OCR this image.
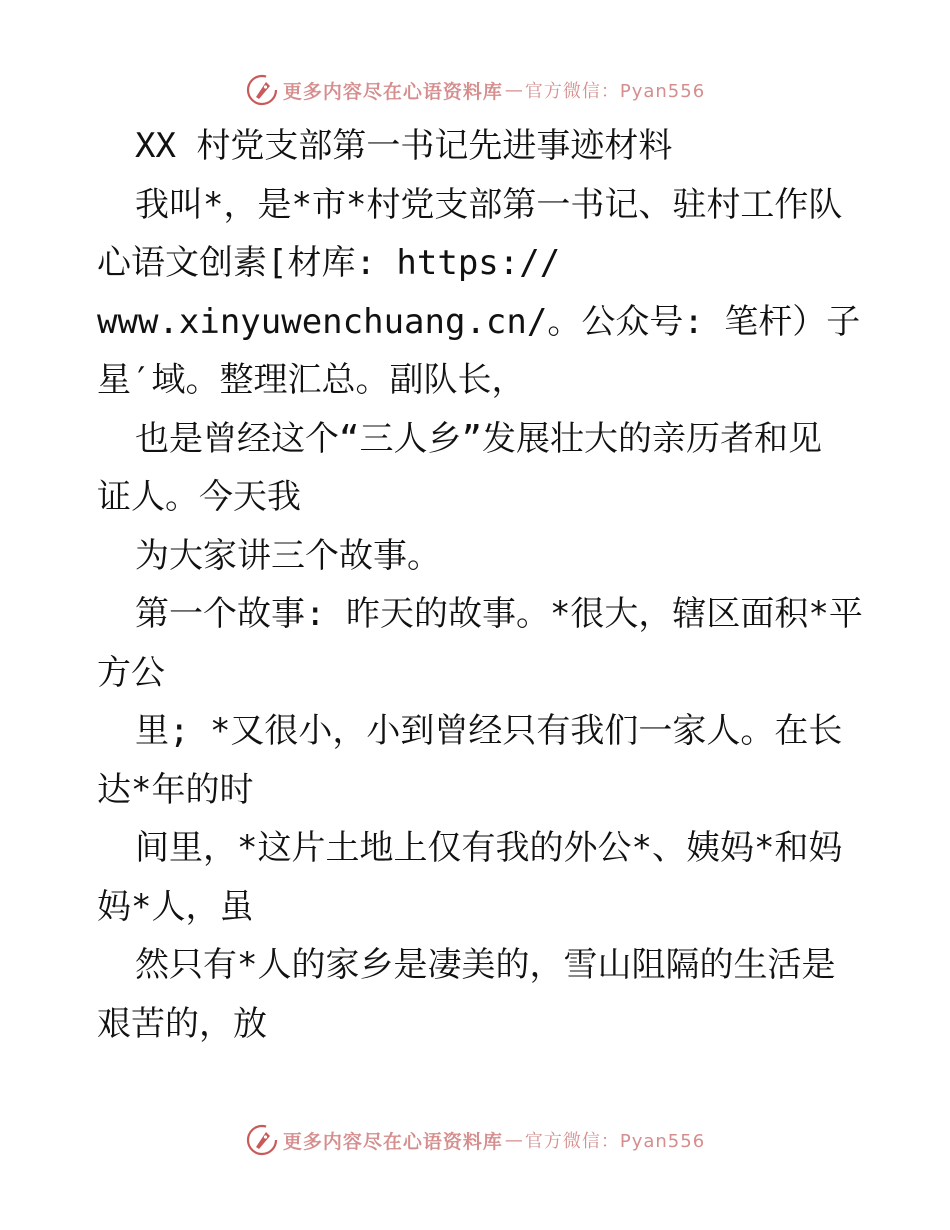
更多内容尽在心语资料库 — 官方微信：Pyan556
XX 村党支部第一书记先进事迹材料
我叫*，是*市*村党支部第一书记、驻村工作队
心语文创素[材库: https://
www.xinyuwenchuang.cn/。公众号: 笔杆）子
星′域。整理汇总。副队长，
也是曾经这个“三人乡”发展壮大的亲历者和见
证人。今天我
为大家讲三个故事。
第一个故事: 昨天的故事。*很大，辖区面积*平
方公
里; *又很小，小到曾经只有我们一家人。在长
达*年的时
间里，*这片土地上仅有我的外公*、姨妈*和妈
妈*人，虽
然只有*人的家乡是凄美的，雪山阻隔的生活是
艰苦的，放
更多内容尽在心语资料库 — 官方微信：Pyan556
